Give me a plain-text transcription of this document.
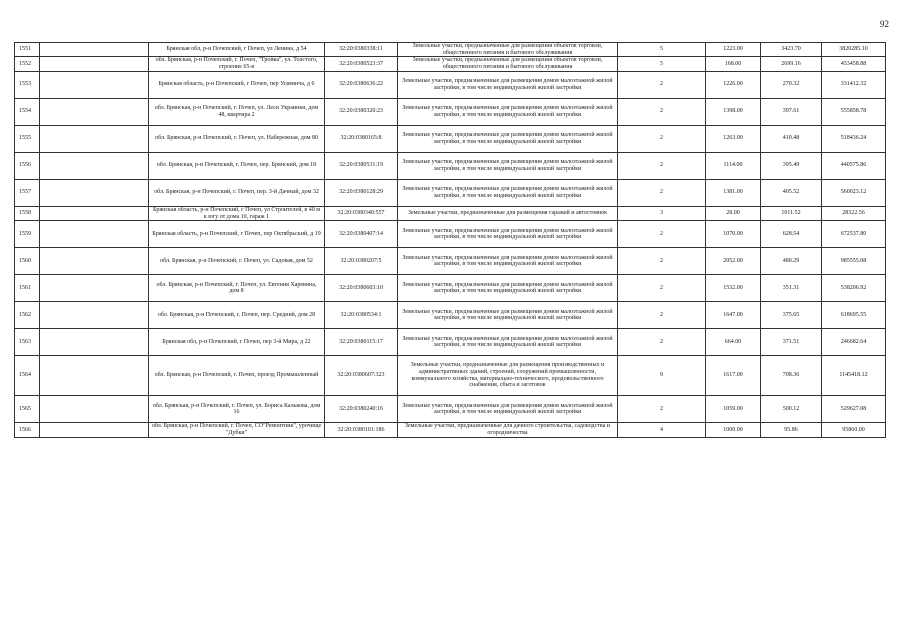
92
1551		Брянская обл, р-н Почепский, г Почеп, ул Ленина, д 54	32:20:0380338:11	Земельные участки, предназначенные для размещения объектов торговли, общественного питания и бытового обслуживания	5	1223.00	3423.70	3820285.10
1552		обл. Брянская, р-н Почепский, г. Почеп, "Тройка", ул. Толстого, строение 65-в	32:20:0380523:37	Земельные участки, предназначенные для размещения объектов торговли, общественного питания и бытового обслуживания	5	168.00	2699.16	453458.88
1553		Брянская область, р-н Почепский, г Почеп, пер Усиевича, д 6	32:20:0380636:22	Земельные участки, предназначенные для размещения домов малоэтажной жилой застройки, в том числе индивидуальной жилой застройки	2	1226.00	270.32	331412.32
1554		обл. Брянская, р-н Почепский, г. Почеп, ул. Леси Украинки, дом 48, квартира 2	32:20:0380320:23	Земельные участки, предназначенные для размещения домов малоэтажной жилой застройки, в том числе индивидуальной жилой застройки	2	1398.00	397.61	555858.78
1555		обл. Брянская, р-н Почепский, г. Почеп, ул. Набережная, дом 80	32:20:0380165:8	Земельные участки, предназначенные для размещения домов малоэтажной жилой застройки, в том числе индивидуальной жилой застройки	2	1263.00	410.48	518436.24
1556		обл. Брянская, р-н Почепский, г. Почеп, пер. Брянский, дом 18	32:20:0380531:19	Земельные участки, предназначенные для размещения домов малоэтажной жилой застройки, в том числе индивидуальной жилой застройки	2	1114.00	395.49	440575.86
1557		обл. Брянская, р-н Почепский, г. Почеп, пер. 3-й Дачный, дом 32	32:20:0380128:29	Земельные участки, предназначенные для размещения домов малоэтажной жилой застройки, в том числе индивидуальной жилой застройки	2	1381.00	405.52	560023.12
1558		Брянская область, р-н Почепский, г Почеп, ул Строителей, в 40 м к югу от дома 10, гараж 1	32:20:0380340:557	Земельные участки, предназначенные для размещения гаражей и автостоянок	3	28.00	1011.52	28322.56
1559		Брянская область, р-н Почепский, г Почеп, пер Октябрьский, д 19	32:20:0380407:14	Земельные участки, предназначенные для размещения домов малоэтажной жилой застройки, в том числе индивидуальной жилой застройки	2	1070.00	628.54	672537.80
1560		обл. Брянская, р-н Почепский, г. Почеп, ул. Садовая, дом 52	32:20:0380207:5	Земельные участки, предназначенные для размещения домов малоэтажной жилой застройки, в том числе индивидуальной жилой застройки	2	2052.00	480.29	985555.08
1561		обл. Брянская, р-н Почепский, г. Почеп, ул. Евгения Харевина, дом 8	32:20:0380603:10	Земельные участки, предназначенные для размещения домов малоэтажной жилой застройки, в том числе индивидуальной жилой застройки	2	1532.00	351.31	538206.92
1562		обл. Брянская, р-н Почепский, г. Почеп, пер. Средний, дом 28	32:20:0380534:1	Земельные участки, предназначенные для размещения домов малоэтажной жилой застройки, в том числе индивидуальной жилой застройки	2	1647.00	375.65	618695.55
1563		Брянская обл, р-н Почепский, г Почеп, пер 3-й Мира, д 22	32:20:0380115:17	Земельные участки, предназначенные для размещения домов малоэтажной жилой застройки, в том числе индивидуальной жилой застройки	2	664.00	371.51	246682.64
1564		обл. Брянская, р-н Почепский, г. Почеп, проезд Промышленный	32:20:0380607:323	Земельные участки, предназначенные для размещения производственных и административных зданий, строений, сооружений промышленности, коммунального хозяйства, материально-технического, продовольственного снабжения, сбыта и заготовок	9	1617.00	708.36	1145418.12
1565		обл. Брянская, р-н Почепский, г. Почеп, ул. Бориса Калькова, дом 16	32:20:0380240:16	Земельные участки, предназначенные для размещения домов малоэтажной жилой застройки, в том числе индивидуальной жилой застройки	2	1059.00	500.12	529627.08
1566		обл. Брянская, р-н Почепский, г. Почеп, СО"Ремонтник", урочище "Дубки"	32:20:0380101:186	Земельные участки, предназначенные для дачного строительства, садоводства и огородничества	4	1000.00	95.86	95860.00
